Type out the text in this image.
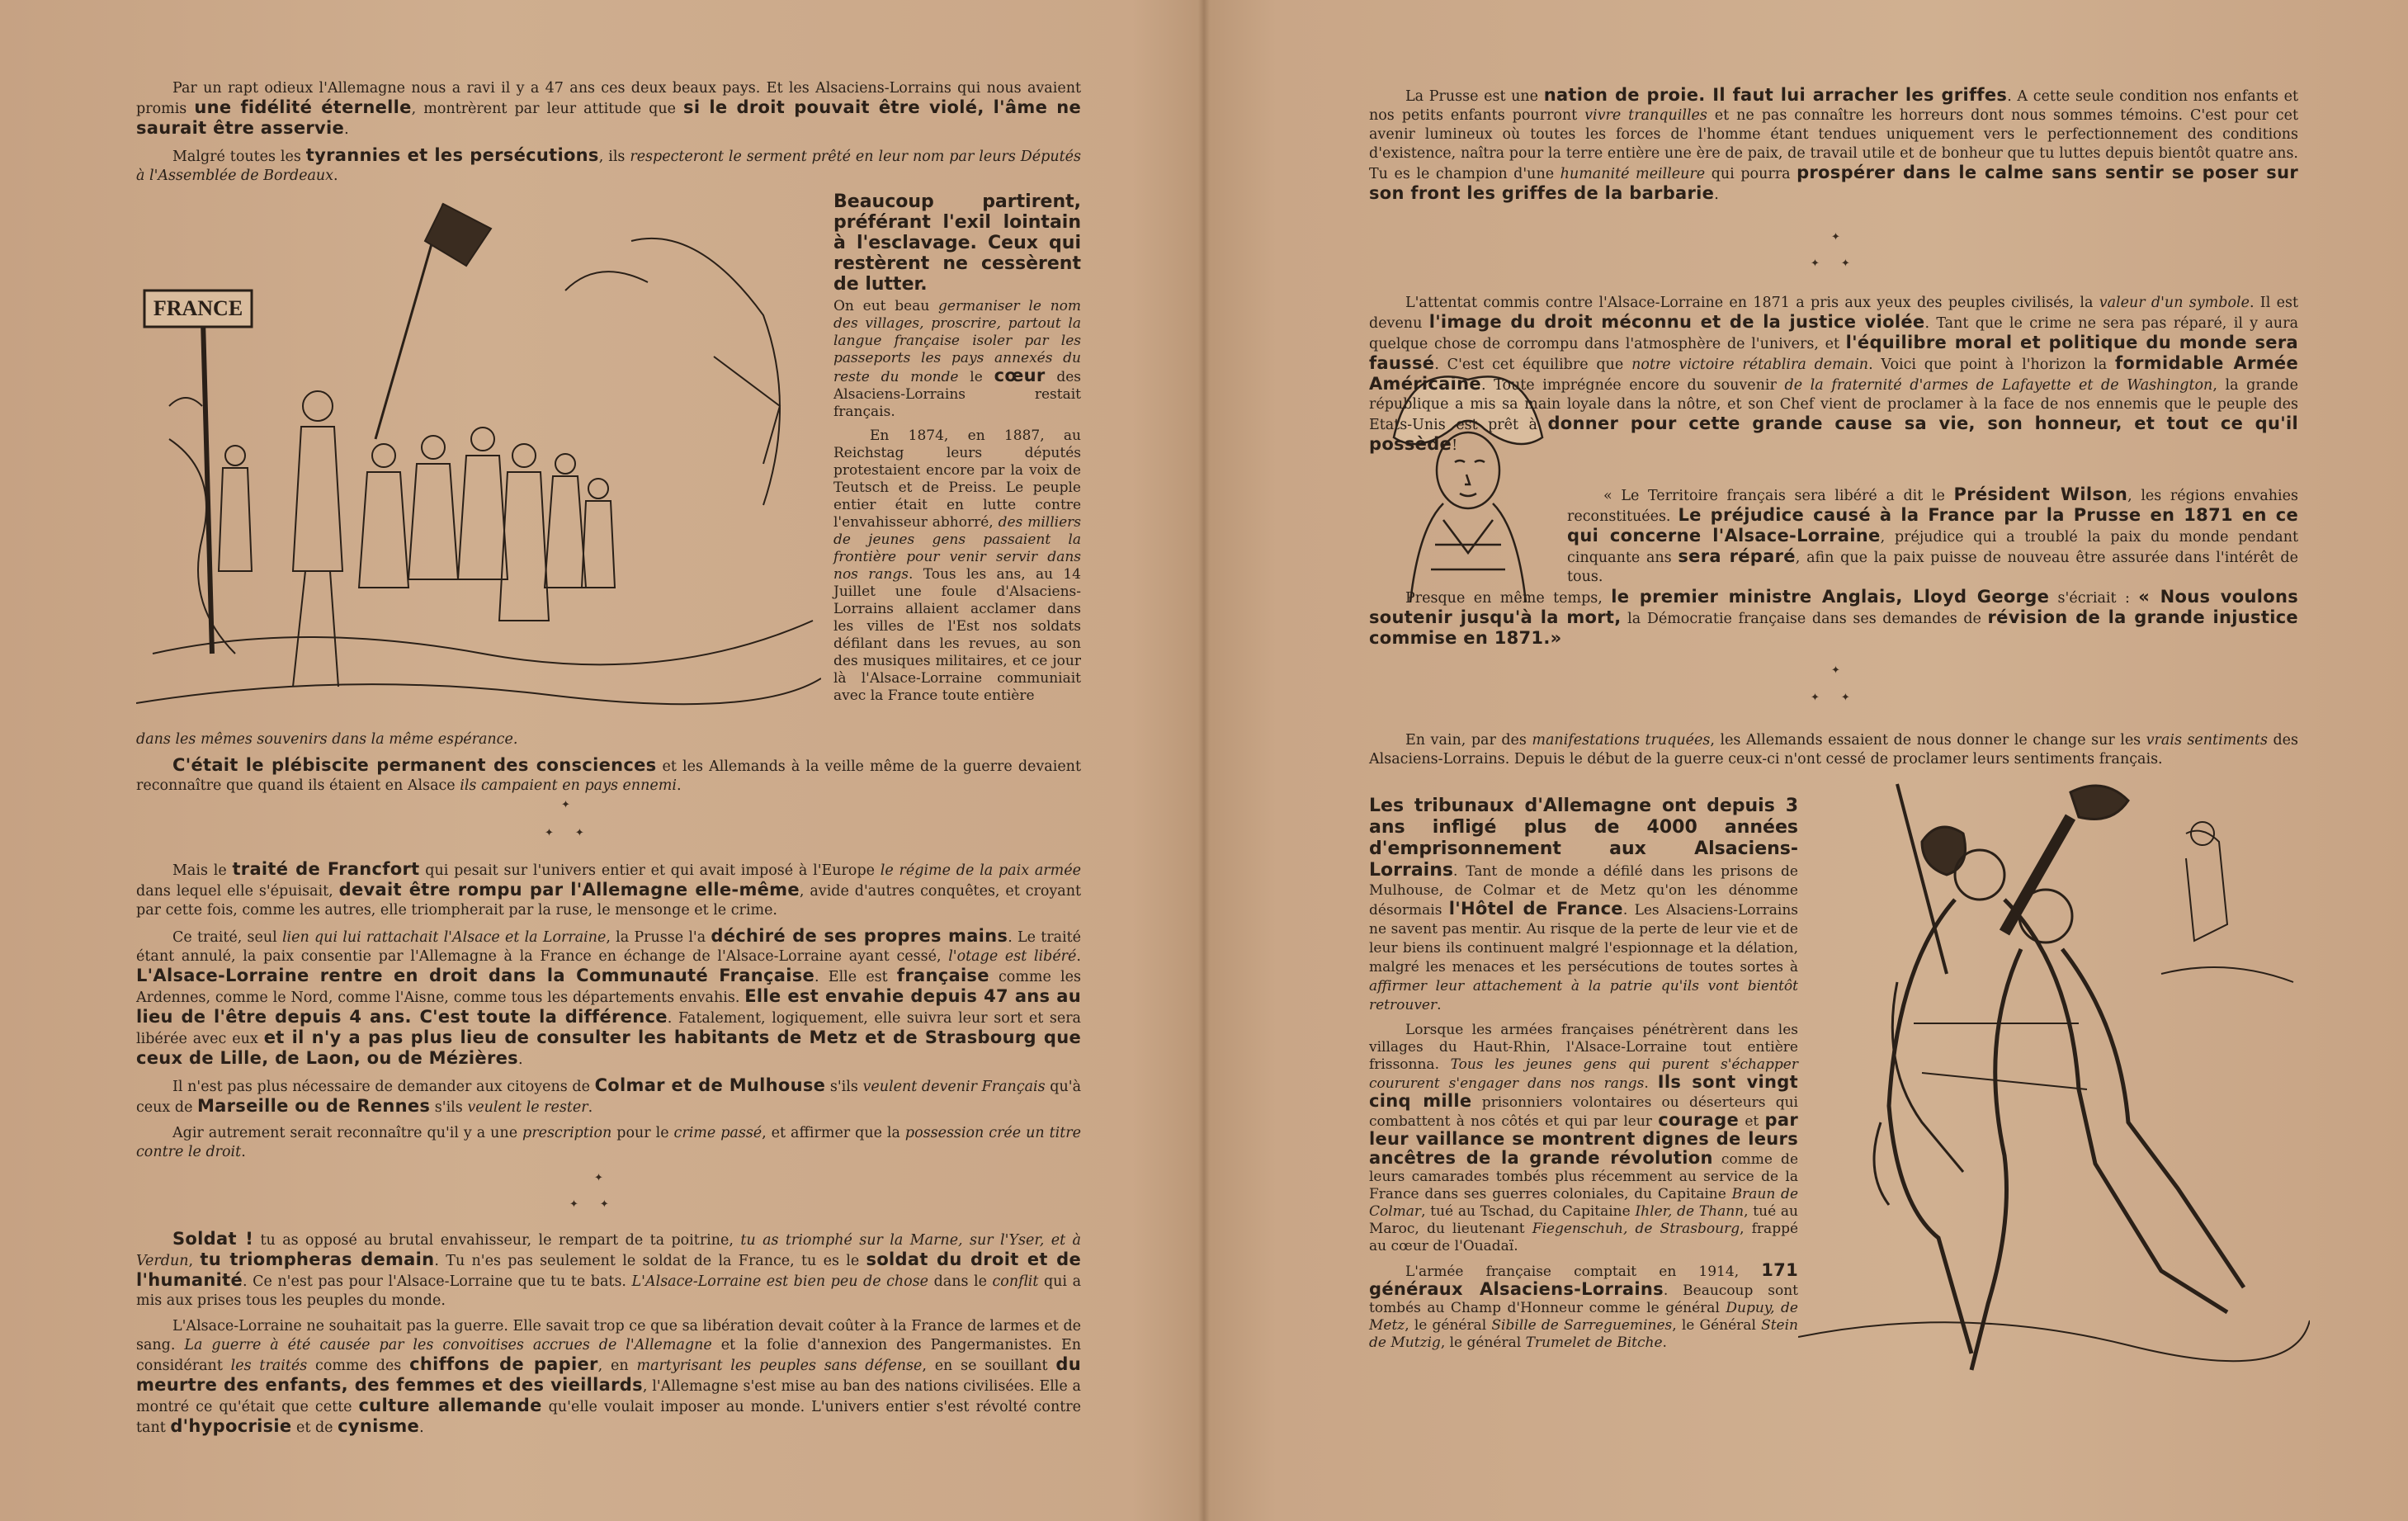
Par un rapt odieux l'Allemagne nous a ravi il y a 47 ans ces deux beaux pays. Et les Alsaciens-Lorrains qui nous avaient promis une fidélité éternelle, montrèrent par leur attitude que si le droit pouvait être violé, l'âme ne saurait être asservie.

Malgré toutes les tyrannies et les persécutions, ils respecteront le serment prêté en leur nom par leurs Députés à l'Assemblée de Bordeaux.

FRANCE
Beaucoup partirent, préférant l'exil lointain à l'esclavage. Ceux qui restèrent ne cessèrent de lutter.

On eut beau germaniser le nom des villages, proscrire, partout la langue française isoler par les passeports les pays annexés du reste du monde le cœur des Alsaciens-Lorrains restait français.

En 1874, en 1887, au Reichstag leurs députés protestaient encore par la voix de Teutsch et de Preiss. Le peuple entier était en lutte contre l'envahisseur abhorré, des milliers de jeunes gens passaient la frontière pour venir servir dans nos rangs. Tous les ans, au 14 Juillet une foule d'Alsaciens-Lorrains allaient acclamer dans les villes de l'Est nos soldats défilant dans les revues, au son des musiques militaires, et ce jour là l'Alsace-Lorraine communiait avec la France toute entière

dans les mêmes souvenirs dans la même espérance.

C'était le plébiscite permanent des consciences et les Allemands à la veille même de la guerre devaient reconnaître que quand ils étaient en Alsace ils campaient en pays ennemi.

✦
✦✦

Mais le traité de Francfort qui pesait sur l'univers entier et qui avait imposé à l'Europe le régime de la paix armée dans lequel elle s'épuisait, devait être rompu par l'Allemagne elle-même, avide d'autres conquêtes, et croyant par cette fois, comme les autres, elle triompherait par la ruse, le mensonge et le crime.

Ce traité, seul lien qui lui rattachait l'Alsace et la Lorraine, la Prusse l'a déchiré de ses propres mains. Le traité étant annulé, la paix consentie par l'Allemagne à la France en échange de l'Alsace-Lorraine ayant cessé, l'otage est libéré. L'Alsace-Lorraine rentre en droit dans la Communauté Française. Elle est française comme les Ardennes, comme le Nord, comme l'Aisne, comme tous les départements envahis. Elle est envahie depuis 47 ans au lieu de l'être depuis 4 ans. C'est toute la différence. Fatalement, logiquement, elle suivra leur sort et sera libérée avec eux et il n'y a pas plus lieu de consulter les habitants de Metz et de Strasbourg que ceux de Lille, de Laon, ou de Mézières.

Il n'est pas plus nécessaire de demander aux citoyens de Colmar et de Mulhouse s'ils veulent devenir Français qu'à ceux de Marseille ou de Rennes s'ils veulent le rester.

Agir autrement serait reconnaître qu'il y a une prescription pour le crime passé, et affirmer que la possession crée un titre contre le droit.

✦
✦✦

Soldat ! tu as opposé au brutal envahisseur, le rempart de ta poitrine, tu as triomphé sur la Marne, sur l'Yser, et à Verdun, tu triompheras demain. Tu n'es pas seulement le soldat de la France, tu es le soldat du droit et de l'humanité. Ce n'est pas pour l'Alsace-Lorraine que tu te bats. L'Alsace-Lorraine est bien peu de chose dans le conflit qui a mis aux prises tous les peuples du monde.

L'Alsace-Lorraine ne souhaitait pas la guerre. Elle savait trop ce que sa libération devait coûter à la France de larmes et de sang. La guerre à été causée par les convoitises accrues de l'Allemagne et la folie d'annexion des Pangermanistes. En considérant les traités comme des chiffons de papier, en martyrisant les peuples sans défense, en se souillant du meurtre des enfants, des femmes et des vieillards, l'Allemagne s'est mise au ban des nations civilisées. Elle a montré ce qu'était que cette culture allemande qu'elle voulait imposer au monde. L'univers entier s'est révolté contre tant d'hypocrisie et de cynisme.

La Prusse est une nation de proie. Il faut lui arracher les griffes. A cette seule condition nos enfants et nos petits enfants pourront vivre tranquilles et ne pas connaître les horreurs dont nous sommes témoins. C'est pour cet avenir lumineux où toutes les forces de l'homme étant tendues uniquement vers le perfectionnement des conditions d'existence, naîtra pour la terre entière une ère de paix, de travail utile et de bonheur que tu luttes depuis bientôt quatre ans. Tu es le champion d'une humanité meilleure qui pourra prospérer dans le calme sans sentir se poser sur son front les griffes de la barbarie.

✦
✦✦

L'attentat commis contre l'Alsace-Lorraine en 1871 a pris aux yeux des peuples civilisés, la valeur d'un symbole. Il est devenu l'image du droit méconnu et de la justice violée. Tant que le crime ne sera pas réparé, il y aura quelque chose de corrompu dans l'atmosphère de l'univers, et l'équilibre moral et politique du monde sera faussé. C'est cet équilibre que notre victoire rétablira demain. Voici que point à l'horizon la formidable Armée Américaine. Toute imprégnée encore du souvenir de la fraternité d'armes de Lafayette et de Washington, la grande république a mis sa main loyale dans la nôtre, et son Chef vient de proclamer à la face de nos ennemis que le peuple des Etats-Unis est prêt à donner pour cette grande cause sa vie, son honneur, et tout ce qu'il possède!

« Le Territoire français sera libéré a dit le Président Wilson, les régions envahies reconstituées. Le préjudice causé à la France par la Prusse en 1871 en ce qui concerne l'Alsace-Lorraine, préjudice qui a troublé la paix du monde pendant cinquante ans sera réparé, afin que la paix puisse de nouveau être assurée dans l'intérêt de tous.

Presque en même temps, le premier ministre Anglais, Lloyd George s'écriait : « Nous voulons soutenir jusqu'à la mort, la Démocratie française dans ses demandes de révision de la grande injustice commise en 1871.»

✦
✦✦

En vain, par des manifestations truquées, les Allemands essaient de nous donner le change sur les vrais sentiments des Alsaciens-Lorrains. Depuis le début de la guerre ceux-ci n'ont cessé de proclamer leurs sentiments français.

Les tribunaux d'Allemagne ont depuis 3 ans infligé plus de 4000 années d'emprisonnement aux Alsaciens-Lorrains. Tant de monde a défilé dans les prisons de Mulhouse, de Colmar et de Metz qu'on les dénomme désormais l'Hôtel de France. Les Alsaciens-Lorrains ne savent pas mentir. Au risque de la perte de leur vie et de leur biens ils continuent malgré l'espionnage et la délation, malgré les menaces et les persécutions de toutes sortes à affirmer leur attachement à la patrie qu'ils vont bientôt retrouver.

Lorsque les armées françaises pénétrèrent dans les villages du Haut-Rhin, l'Alsace-Lorraine tout entière frissonna. Tous les jeunes gens qui purent s'échapper coururent s'engager dans nos rangs. Ils sont vingt cinq mille prisonniers volontaires ou déserteurs qui combattent à nos côtés et qui par leur courage et par leur vaillance se montrent dignes de leurs ancêtres de la grande révolution comme de leurs camarades tombés plus récemment au service de la France dans ses guerres coloniales, du Capitaine Braun de Colmar, tué au Tschad, du Capitaine Ihler, de Thann, tué au Maroc, du lieutenant Fiegenschuh, de Strasbourg, frappé au cœur de l'Ouadaï.

L'armée française comptait en 1914, 171 généraux Alsaciens-Lorrains. Beaucoup sont tombés au Champ d'Honneur comme le général Dupuy, de Metz, le général Sibille de Sarreguemines, le Général Stein de Mutzig, le général Trumelet de Bitche.
